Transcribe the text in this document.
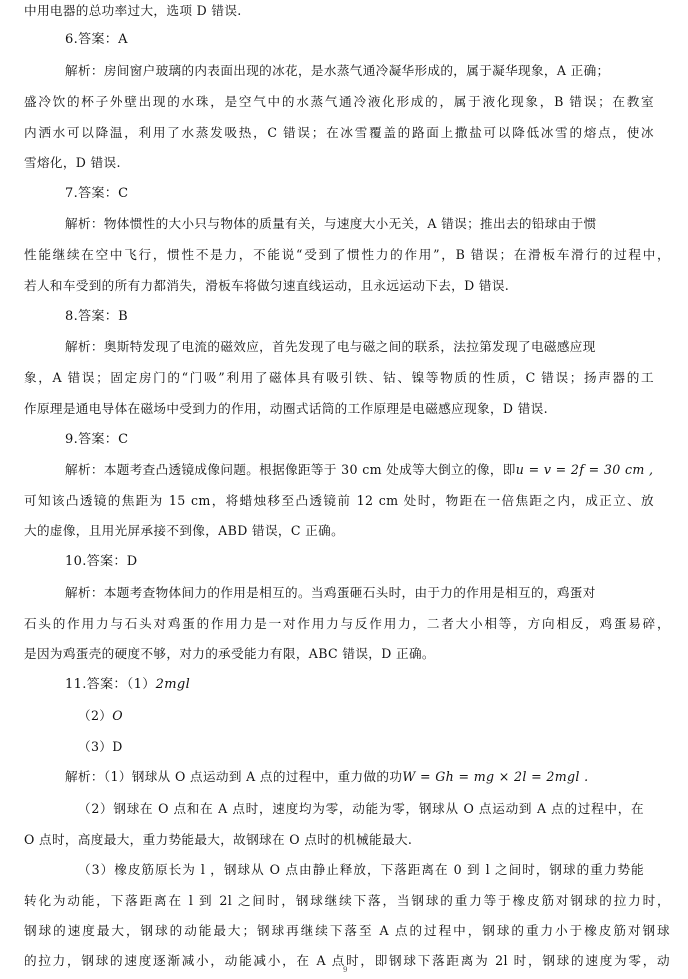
中用电器的总功率过大，选项 D 错误.
6.答案：A
解析：房间窗户玻璃的内表面出现的冰花，是水蒸气通冷凝华形成的，属于凝华现象，A 正确；
盛冷饮的杯子外壁出现的水珠，是空气中的水蒸气通冷液化形成的，属于液化现象，B 错误；在教室
内洒水可以降温，利用了水蒸发吸热，C 错误；在冰雪覆盖的路面上撒盐可以降低冰雪的熔点，使冰
雪熔化，D 错误.
7.答案：C
解析：物体惯性的大小只与物体的质量有关，与速度大小无关，A 错误；推出去的铅球由于惯
性能继续在空中飞行，惯性不是力，不能说“受到了惯性力的作用”，B 错误；在滑板车滑行的过程中，
若人和车受到的所有力都消失，滑板车将做匀速直线运动，且永远运动下去，D 错误.
8.答案：B
解析：奥斯特发现了电流的磁效应，首先发现了电与磁之间的联系，法拉第发现了电磁感应现
象，A 错误；固定房门的“门吸”利用了磁体具有吸引铁、钴、镍等物质的性质，C 错误；扬声器的工
作原理是通电导体在磁场中受到力的作用，动圈式话筒的工作原理是电磁感应现象，D 错误.
9.答案：C
解析：本题考查凸透镜成像问题。根据像距等于 30 cm 处成等大倒立的像，即u = v = 2f = 30 cm ,
可知该凸透镜的焦距为 15 cm，将蜡烛移至凸透镜前 12 cm 处时，物距在一倍焦距之内，成正立、放
大的虚像，且用光屏承接不到像，ABD 错误，C 正确。
10.答案：D
解析：本题考查物体间力的作用是相互的。当鸡蛋砸石头时，由于力的作用是相互的，鸡蛋对
石头的作用力与石头对鸡蛋的作用力是一对作用力与反作用力，二者大小相等，方向相反，鸡蛋易碎，
是因为鸡蛋壳的硬度不够，对力的承受能力有限，ABC 错误，D 正确。
11.答案：（1）2mgl
（2）O
（3）D
解析：（1）钢球从 O 点运动到 A 点的过程中，重力做的功W = Gh = mg × 2l = 2mgl .
（2）钢球在 O 点和在 A 点时，速度均为零，动能为零，钢球从 O 点运动到 A 点的过程中，在
O 点时，高度最大，重力势能最大，故钢球在 O 点时的机械能最大.
（3）橡皮筋原长为 l ，钢球从 O 点由静止释放，下落距离在 0 到 l 之间时，钢球的重力势能
转化为动能，下落距离在 l 到 2l 之间时，钢球继续下落，当钢球的重力等于橡皮筋对钢球的拉力时，
钢球的速度最大，钢球的动能最大；钢球再继续下落至 A 点的过程中，钢球的重力小于橡皮筋对钢球
的拉力，钢球的速度逐渐减小，动能减小，在 A 点时，即钢球下落距离为 2l 时，钢球的速度为零，动
9
